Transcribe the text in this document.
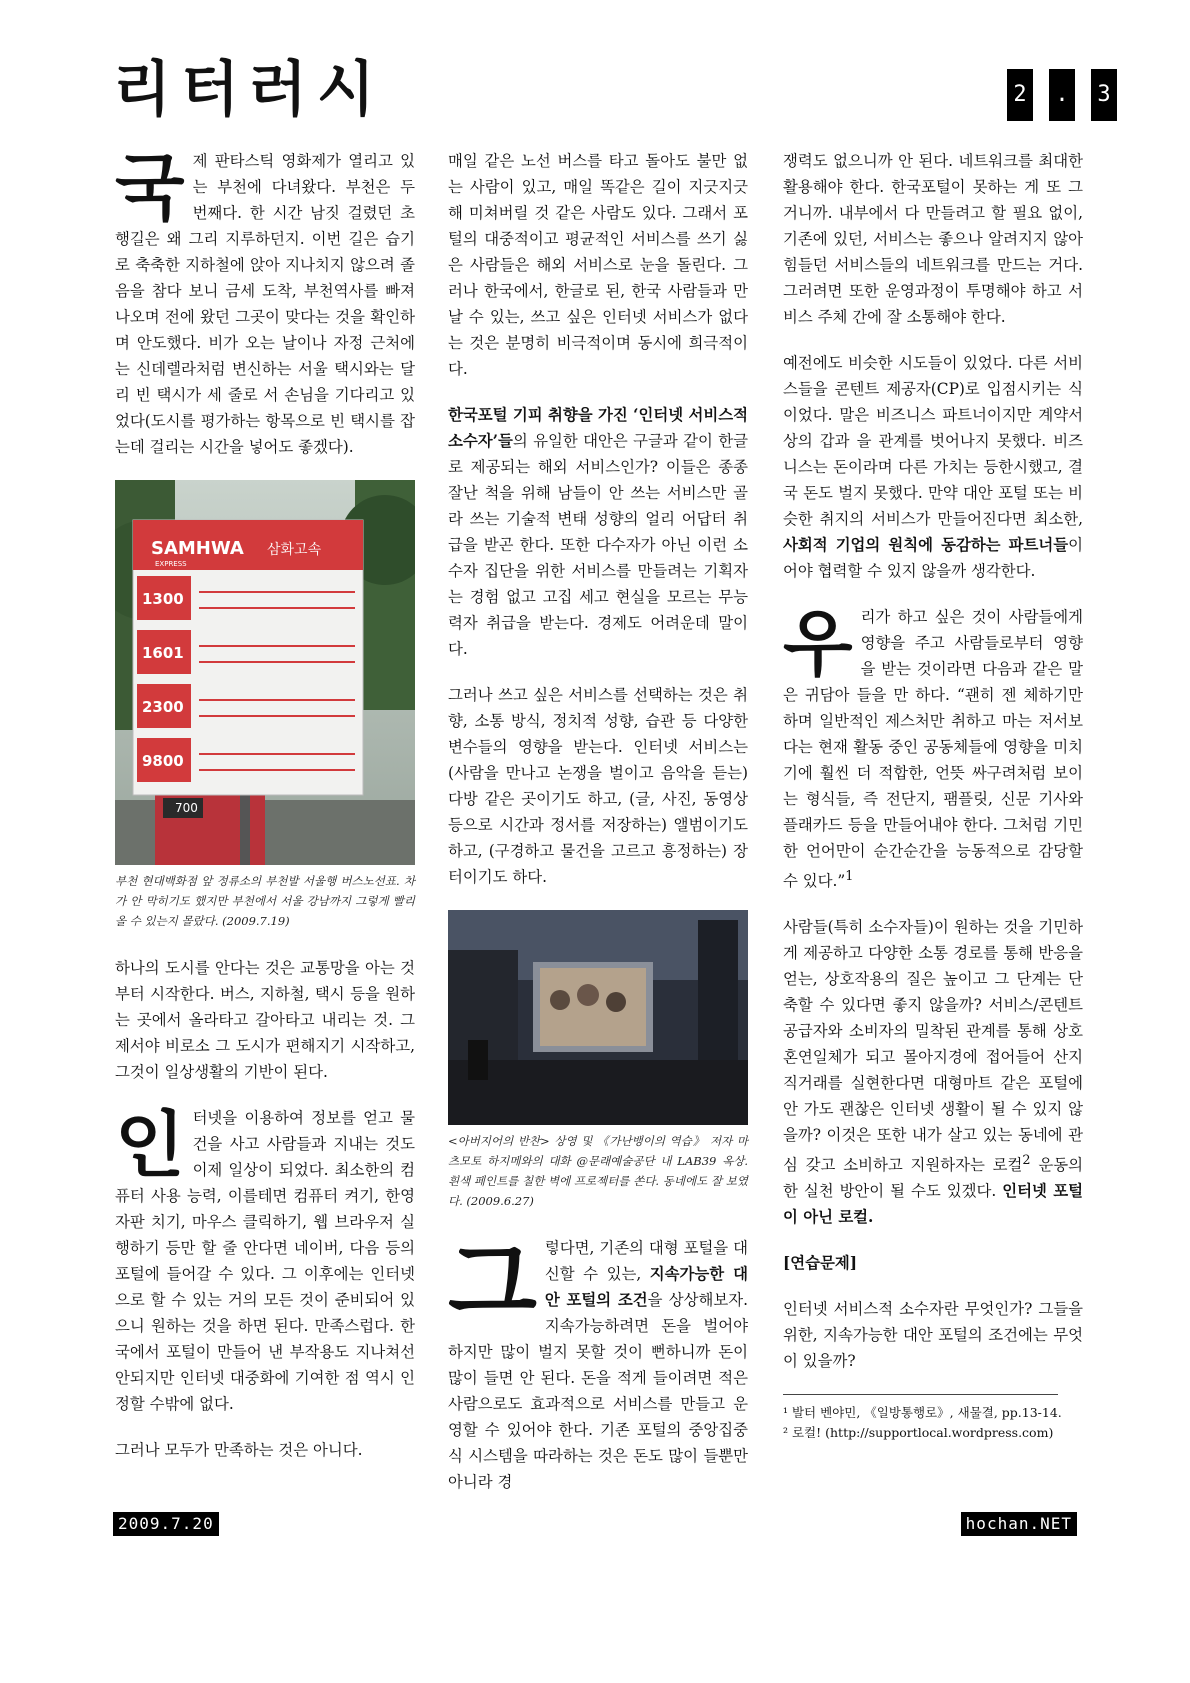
리터러시	2 . 3

국제 판타스틱 영화제가 열리고 있는 부천에 다녀왔다. 부천은 두 번째다. 한 시간 남짓 걸렸던 초행길은 왜 그리 지루하던지. 이번 길은 습기로 축축한 지하철에 앉아 지나치지 않으려 졸음을 참다 보니 금세 도착, 부천역사를 빠져나오며 전에 왔던 그곳이 맞다는 것을 확인하며 안도했다. 비가 오는 날이나 자정 근처에는 신데렐라처럼 변신하는 서울 택시와는 달리 빈 택시가 세 줄로 서 손님을 기다리고 있었다(도시를 평가하는 항목으로 빈 택시를 잡는데 걸리는 시간을 넣어도 좋겠다).

700
SAMHWA
EXPRESS
삼화고속
1300
1601
2300
9800
부천 현대백화점 앞 정류소의 부천발 서울행 버스노선표. 차가 안 막히기도 했지만 부천에서 서울 강남까지 그렇게 빨리 올 수 있는지 몰랐다. (2009.7.19)

하나의 도시를 안다는 것은 교통망을 아는 것부터 시작한다. 버스, 지하철, 택시 등을 원하는 곳에서 올라타고 갈아타고 내리는 것. 그제서야 비로소 그 도시가 편해지기 시작하고, 그것이 일상생활의 기반이 된다.

인터넷을 이용하여 정보를 얻고 물건을 사고 사람들과 지내는 것도 이제 일상이 되었다. 최소한의 컴퓨터 사용 능력, 이를테면 컴퓨터 켜기, 한영 자판 치기, 마우스 클릭하기, 웹 브라우저 실행하기 등만 할 줄 안다면 네이버, 다음 등의 포털에 들어갈 수 있다. 그 이후에는 인터넷으로 할 수 있는 거의 모든 것이 준비되어 있으니 원하는 것을 하면 된다. 만족스럽다. 한국에서 포털이 만들어 낸 부작용도 지나쳐선 안되지만 인터넷 대중화에 기여한 점 역시 인정할 수밖에 없다.

그러나 모두가 만족하는 것은 아니다.

매일 같은 노선 버스를 타고 돌아도 불만 없는 사람이 있고, 매일 똑같은 길이 지긋지긋해 미쳐버릴 것 같은 사람도 있다. 그래서 포털의 대중적이고 평균적인 서비스를 쓰기 싫은 사람들은 해외 서비스로 눈을 돌린다. 그러나 한국에서, 한글로 된, 한국 사람들과 만날 수 있는, 쓰고 싶은 인터넷 서비스가 없다는 것은 분명히 비극적이며 동시에 희극적이다.

한국포털 기피 취향을 가진 ‘인터넷 서비스적 소수자’들의 유일한 대안은 구글과 같이 한글로 제공되는 해외 서비스인가? 이들은 종종 잘난 척을 위해 남들이 안 쓰는 서비스만 골라 쓰는 기술적 변태 성향의 얼리 어답터 취급을 받곤 한다. 또한 다수자가 아닌 이런 소수자 집단을 위한 서비스를 만들려는 기획자는 경험 없고 고집 세고 현실을 모르는 무능력자 취급을 받는다. 경제도 어려운데 말이다.

그러나 쓰고 싶은 서비스를 선택하는 것은 취향, 소통 방식, 정치적 성향, 습관 등 다양한 변수들의 영향을 받는다. 인터넷 서비스는 (사람을 만나고 논쟁을 벌이고 음악을 듣는) 다방 같은 곳이기도 하고, (글, 사진, 동영상 등으로 시간과 정서를 저장하는) 앨범이기도 하고, (구경하고 물건을 고르고 흥정하는) 장터이기도 하다.

<아버지어의 반찬> 상영 및 《가난뱅이의 역습》 저자 마츠모토 하지메와의 대화 @문래예술공단 내 LAB39 옥상. 흰색 페인트를 칠한 벽에 프로젝터를 쏜다. 동네에도 잘 보였다. (2009.6.27)

그렇다면, 기존의 대형 포털을 대신할 수 있는, 지속가능한 대안 포털의 조건을 상상해보자. 지속가능하려면 돈을 벌어야 하지만 많이 벌지 못할 것이 뻔하니까 돈이 많이 들면 안 된다. 돈을 적게 들이려면 적은 사람으로도 효과적으로 서비스를 만들고 운영할 수 있어야 한다. 기존 포털의 중앙집중식 시스템을 따라하는 것은 돈도 많이 들뿐만 아니라 경

쟁력도 없으니까 안 된다. 네트워크를 최대한 활용해야 한다. 한국포털이 못하는 게 또 그거니까. 내부에서 다 만들려고 할 필요 없이, 기존에 있던, 서비스는 좋으나 알려지지 않아 힘들던 서비스들의 네트워크를 만드는 거다. 그러려면 또한 운영과정이 투명해야 하고 서비스 주체 간에 잘 소통해야 한다.

예전에도 비슷한 시도들이 있었다. 다른 서비스들을 콘텐트 제공자(CP)로 입점시키는 식이었다. 말은 비즈니스 파트너이지만 계약서 상의 갑과 을 관계를 벗어나지 못했다. 비즈니스는 돈이라며 다른 가치는 등한시했고, 결국 돈도 벌지 못했다. 만약 대안 포털 또는 비슷한 취지의 서비스가 만들어진다면 최소한, 사회적 기업의 원칙에 동감하는 파트너들이어야 협력할 수 있지 않을까 생각한다.

우리가 하고 싶은 것이 사람들에게 영향을 주고 사람들로부터 영향을 받는 것이라면 다음과 같은 말은 귀담아 들을 만 하다. “괜히 젠 체하기만 하며 일반적인 제스처만 취하고 마는 저서보다는 현재 활동 중인 공동체들에 영향을 미치기에 훨씬 더 적합한, 언뜻 싸구려처럼 보이는 형식들, 즉 전단지, 팸플릿, 신문 기사와 플래카드 등을 만들어내야 한다. 그처럼 기민한 언어만이 순간순간을 능동적으로 감당할 수 있다.”$^1$

사람들(특히 소수자들)이 원하는 것을 기민하게 제공하고 다양한 소통 경로를 통해 반응을 얻는, 상호작용의 질은 높이고 그 단계는 단축할 수 있다면 좋지 않을까? 서비스/콘텐트 공급자와 소비자의 밀착된 관계를 통해 상호 혼연일체가 되고 몰아지경에 접어들어 산지직거래를 실현한다면 대형마트 같은 포털에 안 가도 괜찮은 인터넷 생활이 될 수 있지 않을까? 이것은 또한 내가 살고 있는 동네에 관심 갖고 소비하고 지원하자는 로컬$^2$ 운동의 한 실천 방안이 될 수도 있겠다. 인터넷 포털이 아닌 로컬.

[연습문제]

인터넷 서비스적 소수자란 무엇인가? 그들을 위한, 지속가능한 대안 포털의 조건에는 무엇이 있을까?

¹ 발터 벤야민, 《일방통행로》, 새물결, pp.13-14.
² 로컬! (http://supportlocal.wordpress.com)
2009.7.20	hochan.NET
